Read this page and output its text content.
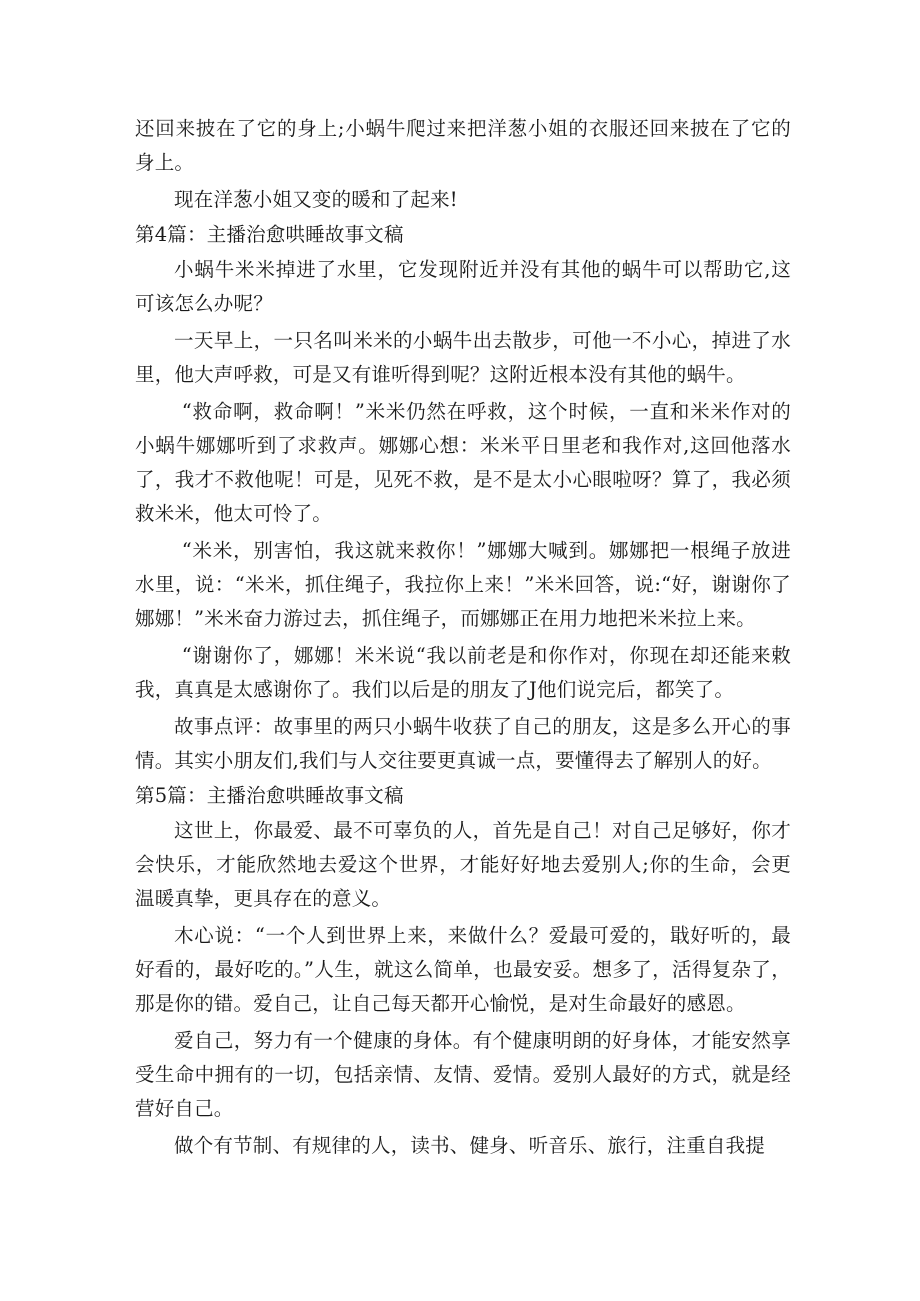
还回来披在了它的身上;小蜗牛爬过来把洋葱小姐的衣服还回来披在了它的身上。

现在洋葱小姐又变的暖和了起来!

第4篇：主播治愈哄睡故事文稿

小蜗牛米米掉进了水里，它发现附近并没有其他的蜗牛可以帮助它,这可该怎么办呢？

一天早上，一只名叫米米的小蜗牛出去散步，可他一不小心，掉进了水里，他大声呼救，可是又有谁听得到呢？这附近根本没有其他的蜗牛。

“救命啊，救命啊！”米米仍然在呼救，这个时候，一直和米米作对的小蜗牛娜娜听到了求救声。娜娜心想：米米平日里老和我作对,这回他落水了，我才不救他呢！可是，见死不救，是不是太小心眼啦呀？算了，我必须救米米，他太可怜了。

“米米，别害怕，我这就来救你！”娜娜大喊到。娜娜把一根绳子放进水里，说：“米米，抓住绳子，我拉你上来！”米米回答，说:“好，谢谢你了娜娜！”米米奋力游过去，抓住绳子，而娜娜正在用力地把米米拉上来。

“谢谢你了，娜娜！米米说“我以前老是和你作对，你现在却还能来敕我，真真是太感谢你了。我们以后是的朋友了J他们说完后，都笑了。

故事点评：故事里的两只小蜗牛收获了自己的朋友，这是多么开心的事情。其实小朋友们,我们与人交往要更真诚一点，要懂得去了解别人的好。

第5篇：主播治愈哄睡故事文稿

这世上，你最爱、最不可辜负的人，首先是自己！对自己足够好，你才会快乐，才能欣然地去爱这个世界，才能好好地去爱别人;你的生命，会更温暖真挚，更具存在的意义。

木心说：“一个人到世界上来，来做什么？爱最可爱的，戢好听的，最好看的，最好吃的。”人生，就这么简单，也最安妥。想多了，活得复杂了，那是你的错。爱自己，让自己每天都开心愉悦，是对生命最好的感恩。

爱自己，努力有一个健康的身体。有个健康明朗的好身体，才能安然享受生命中拥有的一切，包括亲情、友情、爱情。爱别人最好的方式，就是经营好自己。

做个有节制、有规律的人，读书、健身、听音乐、旅行，注重自我提
